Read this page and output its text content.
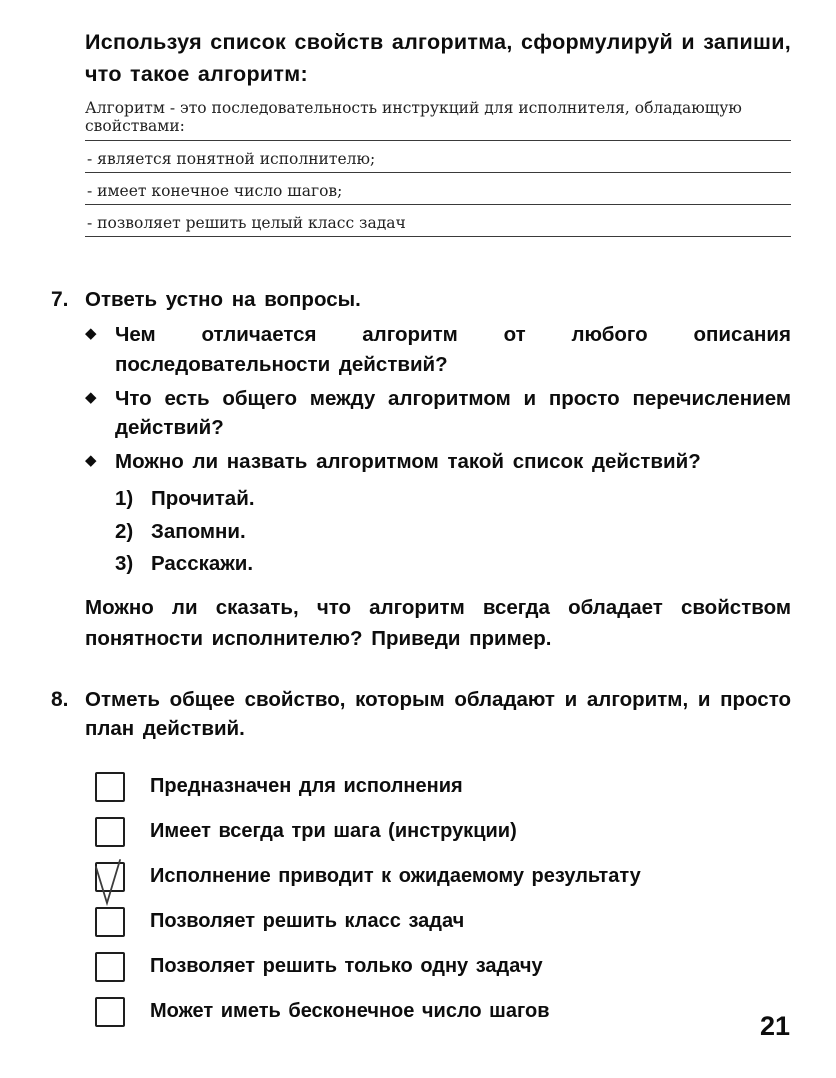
Используя список свойств алгоритма, сформулируй и запиши, что такое алгоритм:
Алгоритм - это последовательность инструкций для исполнителя, обладающую свойствами:
- является понятной исполнителю;
- имеет конечное число шагов;
- позволяет решить целый класс задач
7. Ответь устно на вопросы.
◆ Чем отличается алгоритм от любого описания последовательности действий?
◆ Что есть общего между алгоритмом и просто перечислением действий?
◆ Можно ли назвать алгоритмом такой список действий?
1) Прочитай.
2) Запомни.
3) Расскажи.
Можно ли сказать, что алгоритм всегда обладает свойством понятности исполнителю? Приведи пример.
8. Отметь общее свойство, которым обладают и алгоритм, и просто план действий.
Предназначен для исполнения
Имеет всегда три шага (инструкции)
Исполнение приводит к ожидаемому результату
Позволяет решить класс задач
Позволяет решить только одну задачу
Может иметь бесконечное число шагов	21
